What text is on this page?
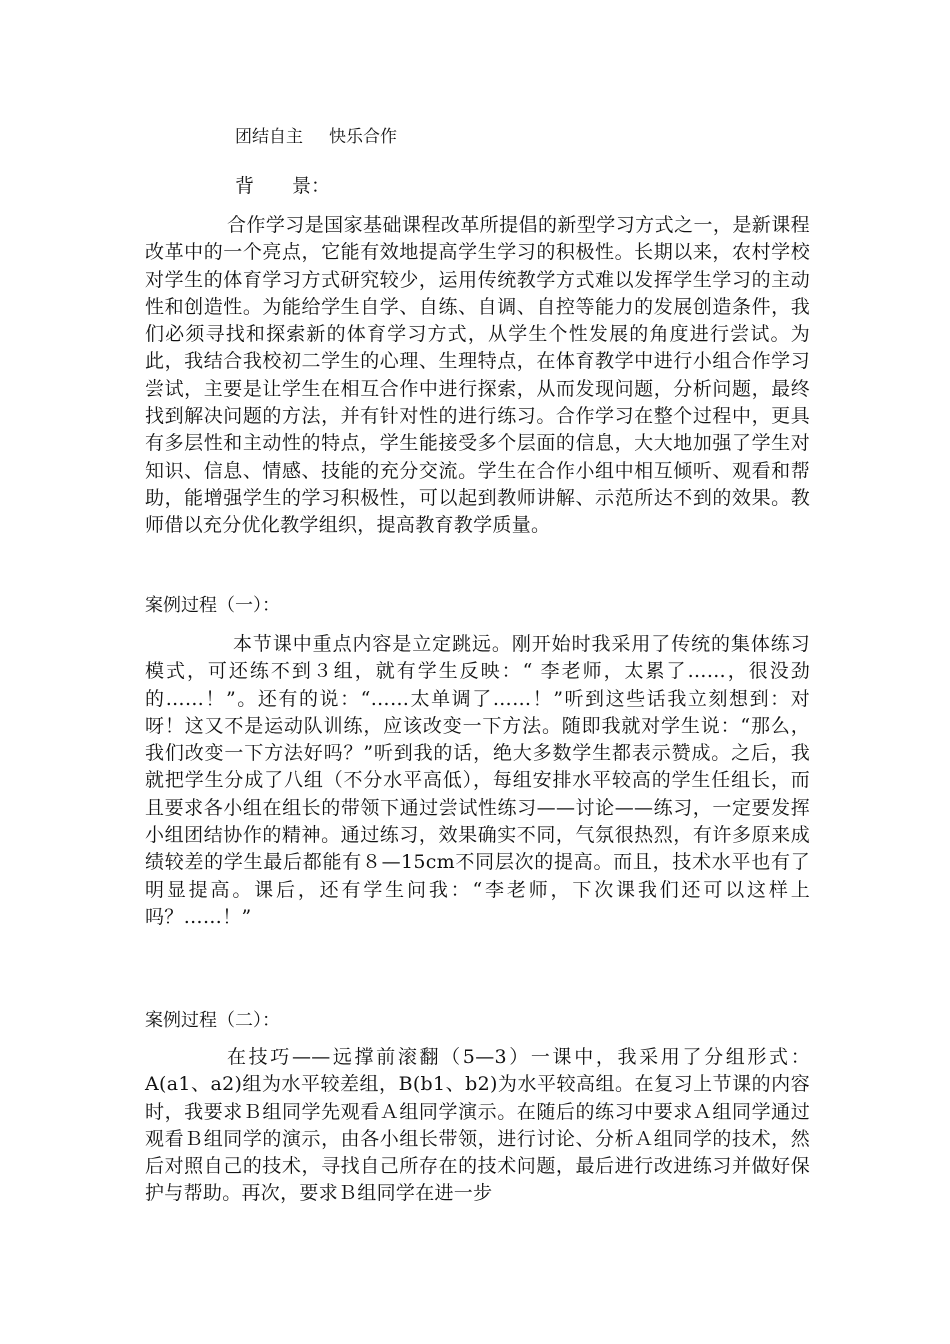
团结自主 快乐合作
背　　景：

合作学习是国家基础课程改革所提倡的新型学习方式之一，是新课程改革中的一个亮点，它能有效地提高学生学习的积极性。长期以来，农村学校对学生的体育学习方式研究较少，运用传统教学方式难以发挥学生学习的主动性和创造性。为能给学生自学、自练、自调、自控等能力的发展创造条件，我们必须寻找和探索新的体育学习方式，从学生个性发展的角度进行尝试。为此，我结合我校初二学生的心理、生理特点，在体育教学中进行小组合作学习尝试，主要是让学生在相互合作中进行探索，从而发现问题，分析问题，最终找到解决问题的方法，并有针对性的进行练习。合作学习在整个过程中，更具有多层性和主动性的特点，学生能接受多个层面的信息，大大地加强了学生对知识、信息、情感、技能的充分交流。学生在合作小组中相互倾听、观看和帮助，能增强学生的学习积极性，可以起到教师讲解、示范所达不到的效果。教师借以充分优化教学组织，提高教育教学质量。

案例过程（一）：

本节课中重点内容是立定跳远。刚开始时我采用了传统的集体练习模式，可还练不到３组，就有学生反映：“ 李老师，太累了……，很没劲的……！”。还有的说：“……太单调了……！”听到这些话我立刻想到：对呀！这又不是运动队训练，应该改变一下方法。随即我就对学生说：“那么，我们改变一下方法好吗？”听到我的话，绝大多数学生都表示赞成。之后，我就把学生分成了八组（不分水平高低），每组安排水平较高的学生任组长，而且要求各小组在组长的带领下通过尝试性练习——讨论——练习，一定要发挥小组团结协作的精神。通过练习，效果确实不同，气氛很热烈，有许多原来成绩较差的学生最后都能有８—15cm不同层次的提高。而且，技术水平也有了明显提高。课后，还有学生问我：“李老师，下次课我们还可以这样上吗？……！”

案例过程（二）：

在技巧——远撑前滚翻（5—3）一课中，我采用了分组形式：A(a1、a2)组为水平较差组，B(b1、b2)为水平较高组。在复习上节课的内容时，我要求Ｂ组同学先观看Ａ组同学演示。在随后的练习中要求Ａ组同学通过观看Ｂ组同学的演示，由各小组长带领，进行讨论、分析Ａ组同学的技术，然后对照自己的技术，寻找自己所存在的技术问题，最后进行改进练习并做好保护与帮助。再次，要求Ｂ组同学在进一步
